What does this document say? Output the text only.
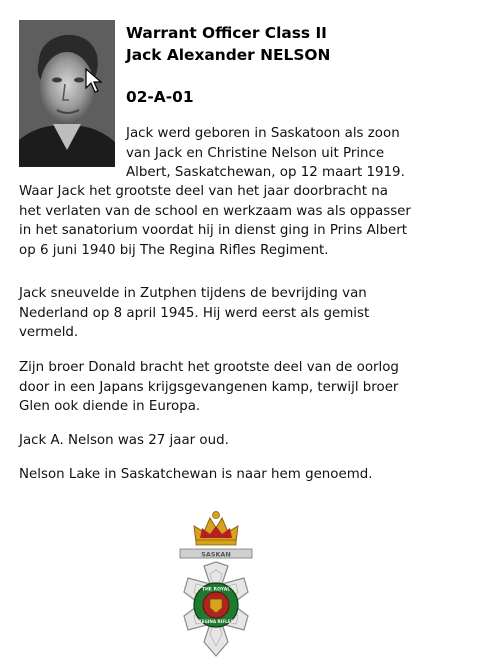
Warrant Officer Class II
Jack Alexander NELSON
02-A-01
Jack werd geboren in Saskatoon als zoon
van Jack en Christine Nelson uit Prince
Albert, Saskatchewan, op 12 maart 1919.
Waar Jack het grootste deel van het jaar doorbracht na
het verlaten van de school en werkzaam was als oppasser
in het sanatorium voordat hij in dienst ging in Prins Albert
op 6 juni 1940 bij The Regina Rifles Regiment.
Jack sneuvelde in Zutphen tijdens de bevrijding van
Nederland op 8 april 1945. Hij werd eerst als gemist
vermeld.
Zijn broer Donald bracht het grootste deel van de oorlog
door in een Japans krijgsgevangenen kamp, terwijl broer
Glen ook diende in Europa.
Jack A. Nelson was 27 jaar oud.
Nelson Lake in Saskatchewan is naar hem genoemd.
SASKAN
THE ROYAL
REGINA RIFLES
